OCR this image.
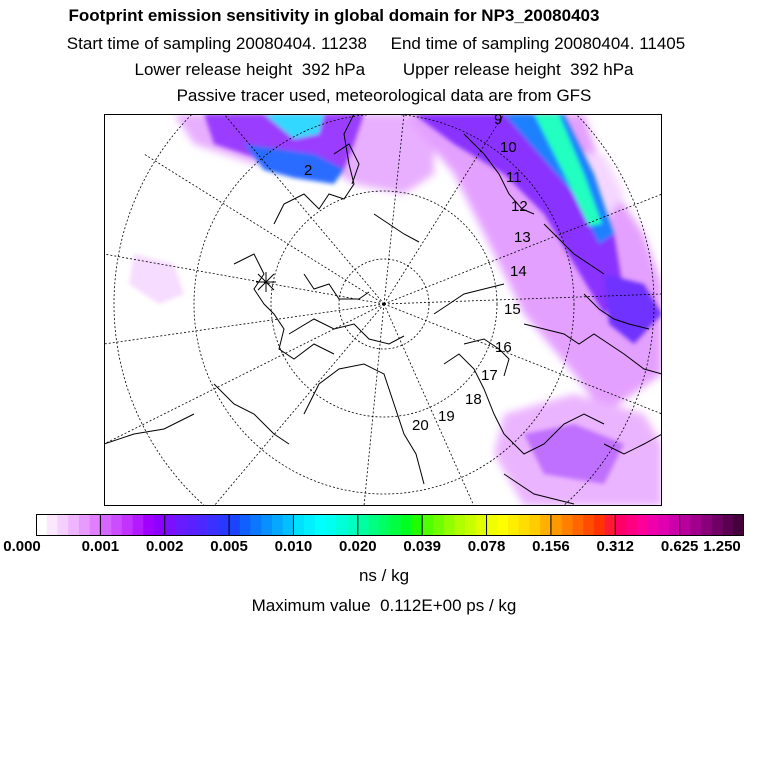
Footprint emission sensitivity in global domain for NP3_20080403
Start time of sampling 20080404. 11238 End time of sampling 20080404. 11405
Lower release height  392 hPa Upper release height  392 hPa
Passive tracer used, meteorological data are from GFS
2
9
10
11
12
13
14
15
16
17
18
19
20
0.000	0.001 0.002 0.005 0.010 0.020 0.039 0.078 0.156 0.312 0.625 1.250
ns / kg
Maximum value  0.112E+00 ps / kg
